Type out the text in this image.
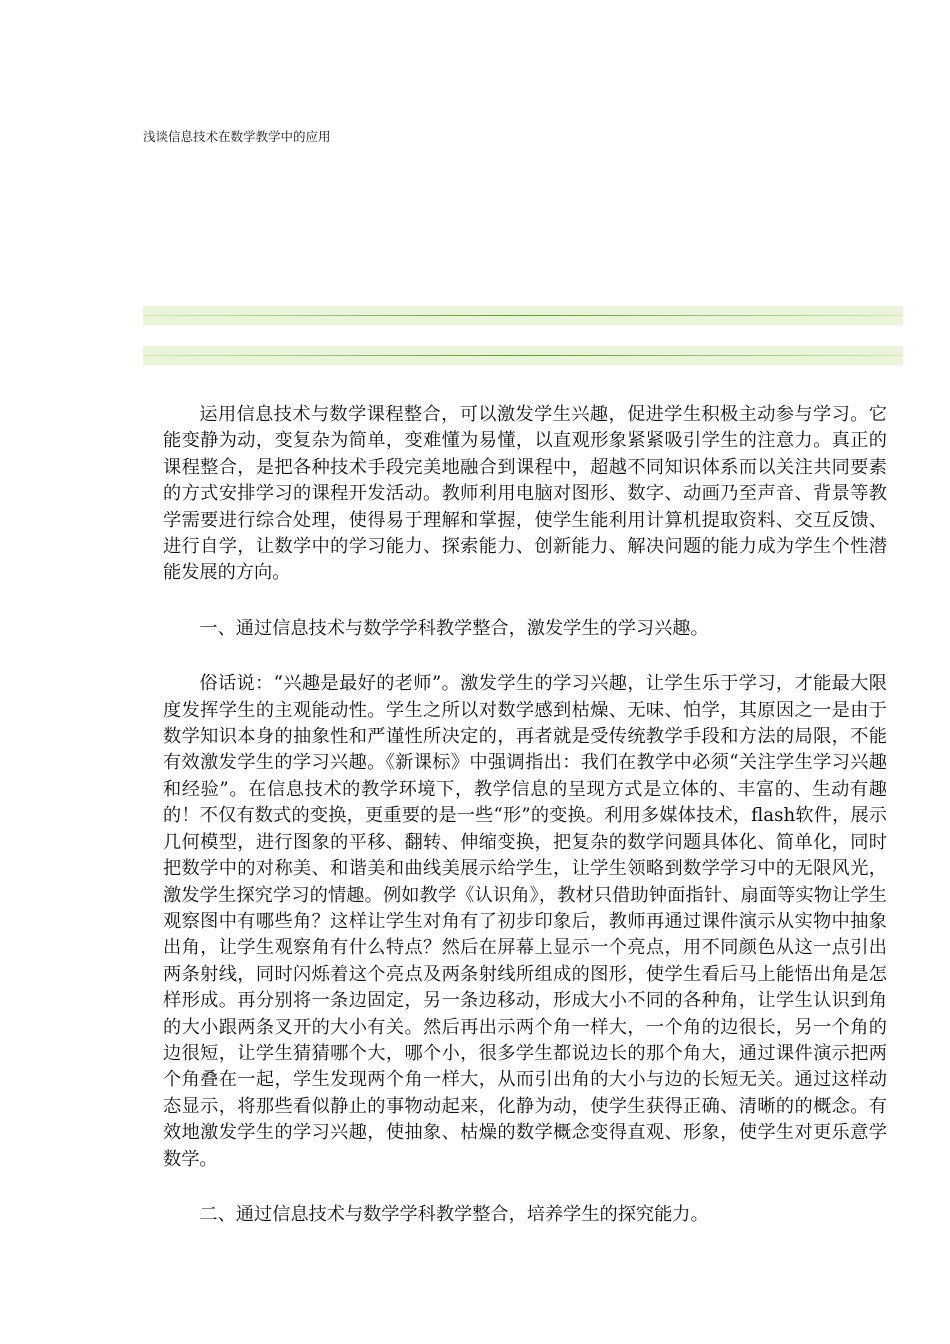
浅谈信息技术在数学教学中的应用

运用信息技术与数学课程整合，可以激发学生兴趣，促进学生积极主动参与学习。它能变静为动，变复杂为简单，变难懂为易懂，以直观形象紧紧吸引学生的注意力。真正的课程整合，是把各种技术手段完美地融合到课程中，超越不同知识体系而以关注共同要素的方式安排学习的课程开发活动。教师利用电脑对图形、数字、动画乃至声音、背景等教学需要进行综合处理，使得易于理解和掌握，使学生能利用计算机提取资料、交互反馈、进行自学，让数学中的学习能力、探索能力、创新能力、解决问题的能力成为学生个性潜能发展的方向。

一、通过信息技术与数学学科教学整合，激发学生的学习兴趣。

俗话说：“兴趣是最好的老师”。激发学生的学习兴趣，让学生乐于学习，才能最大限度发挥学生的主观能动性。学生之所以对数学感到枯燥、无味、怕学，其原因之一是由于数学知识本身的抽象性和严谨性所决定的，再者就是受传统教学手段和方法的局限，不能有效激发学生的学习兴趣。《新课标》中强调指出：我们在教学中必须“关注学生学习兴趣和经验”。在信息技术的教学环境下，教学信息的呈现方式是立体的、丰富的、生动有趣的！不仅有数式的变换，更重要的是一些“形”的变换。利用多媒体技术，flash软件，展示几何模型，进行图象的平移、翻转、伸缩变换，把复杂的数学问题具体化、简单化，同时把数学中的对称美、和谐美和曲线美展示给学生，让学生领略到数学学习中的无限风光，激发学生探究学习的情趣。例如教学《认识角》，教材只借助钟面指针、扇面等实物让学生观察图中有哪些角？这样让学生对角有了初步印象后，教师再通过课件演示从实物中抽象出角，让学生观察角有什么特点？然后在屏幕上显示一个亮点，用不同颜色从这一点引出两条射线，同时闪烁着这个亮点及两条射线所组成的图形，使学生看后马上能悟出角是怎样形成。再分别将一条边固定，另一条边移动，形成大小不同的各种角，让学生认识到角的大小跟两条叉开的大小有关。然后再出示两个角一样大，一个角的边很长，另一个角的边很短，让学生猜猜哪个大，哪个小，很多学生都说边长的那个角大，通过课件演示把两个角叠在一起，学生发现两个角一样大，从而引出角的大小与边的长短无关。通过这样动态显示，将那些看似静止的事物动起来，化静为动，使学生获得正确、清晰的的概念。有效地激发学生的学习兴趣，使抽象、枯燥的数学概念变得直观、形象，使学生对更乐意学数学。

二、通过信息技术与数学学科教学整合，培养学生的探究能力。
